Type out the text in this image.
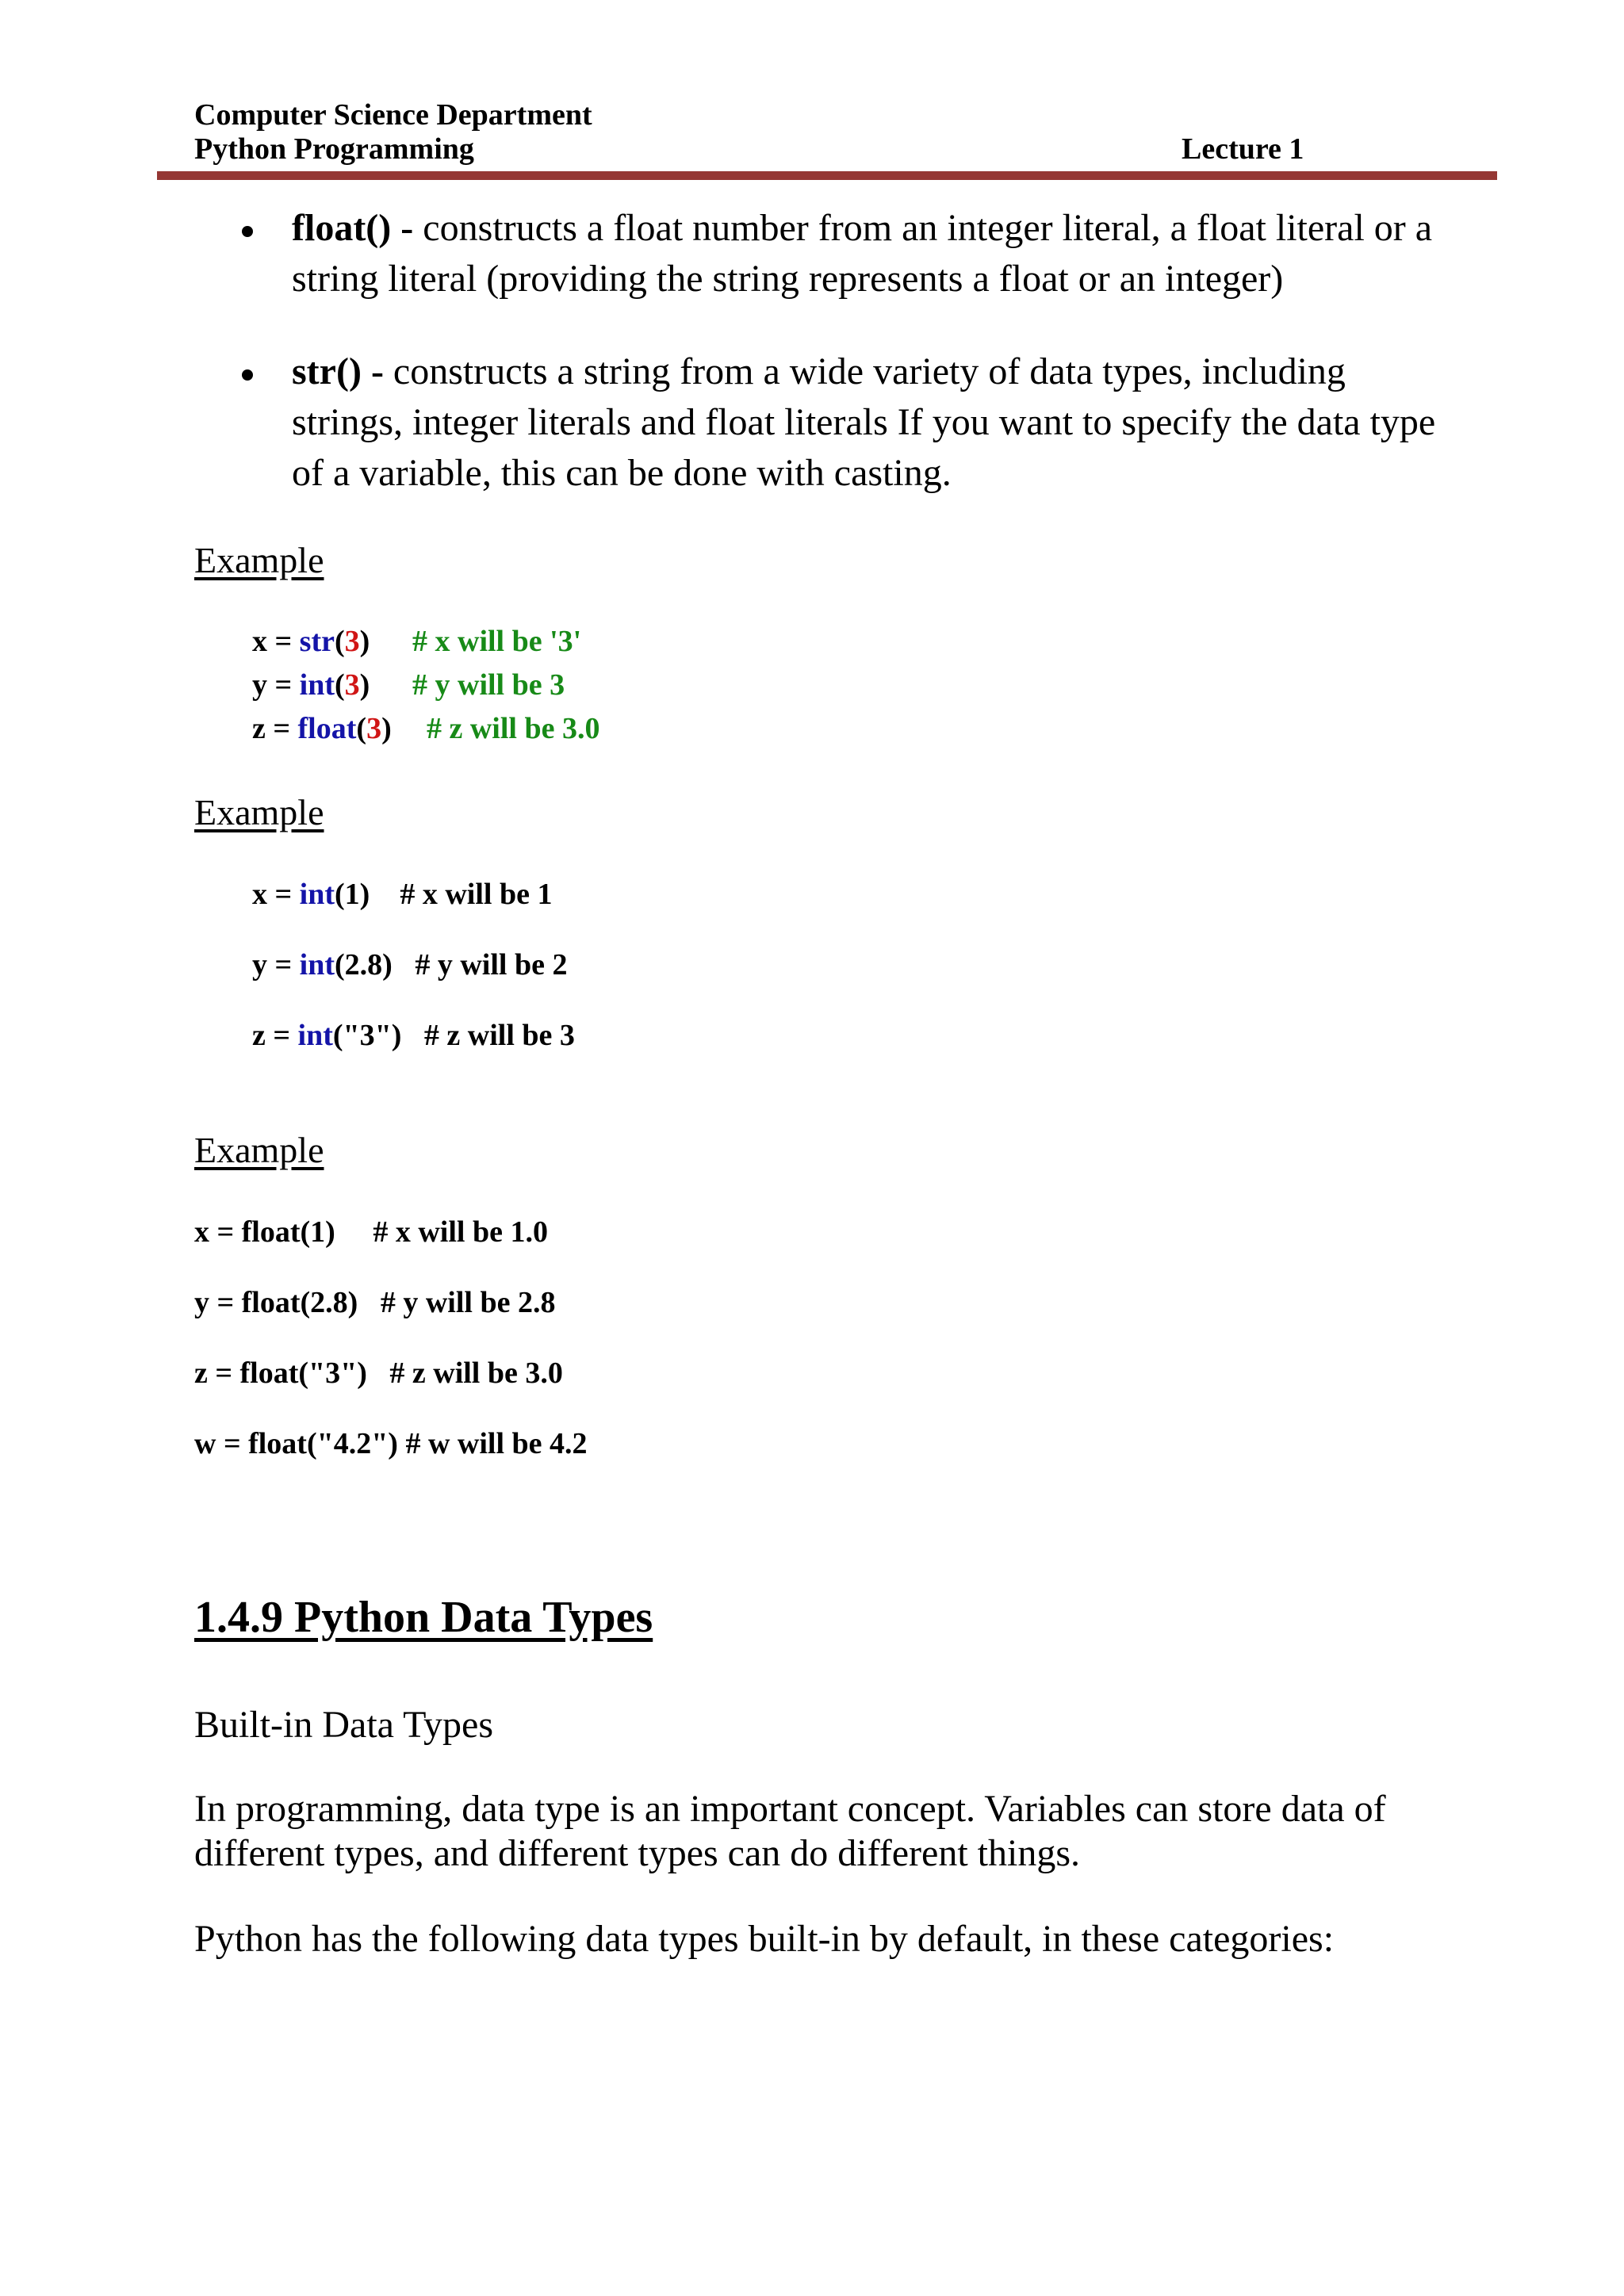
Computer Science Department
Python Programming	Lecture 1
float() - constructs a float number from an integer literal, a float literal or a string literal (providing the string represents a float or an integer)
str() - constructs a string from a wide variety of data types, including strings, integer literals and float literals If you want to specify the data type of a variable, this can be done with casting.
Example
x = str(3) # x will be '3'
y = int(3) # y will be 3
z = float(3) # z will be 3.0
Example
x = int(1)    # x will be 1
y = int(2.8)   # y will be 2
z = int("3")   # z will be 3
Example
x = float(1)     # x will be 1.0
y = float(2.8)   # y will be 2.8
z = float("3")   # z will be 3.0
w = float("4.2") # w will be 4.2
1.4.9 Python Data Types
Built-in Data Types
In programming, data type is an important concept. Variables can store data of different types, and different types can do different things.
Python has the following data types built-in by default, in these categories:
